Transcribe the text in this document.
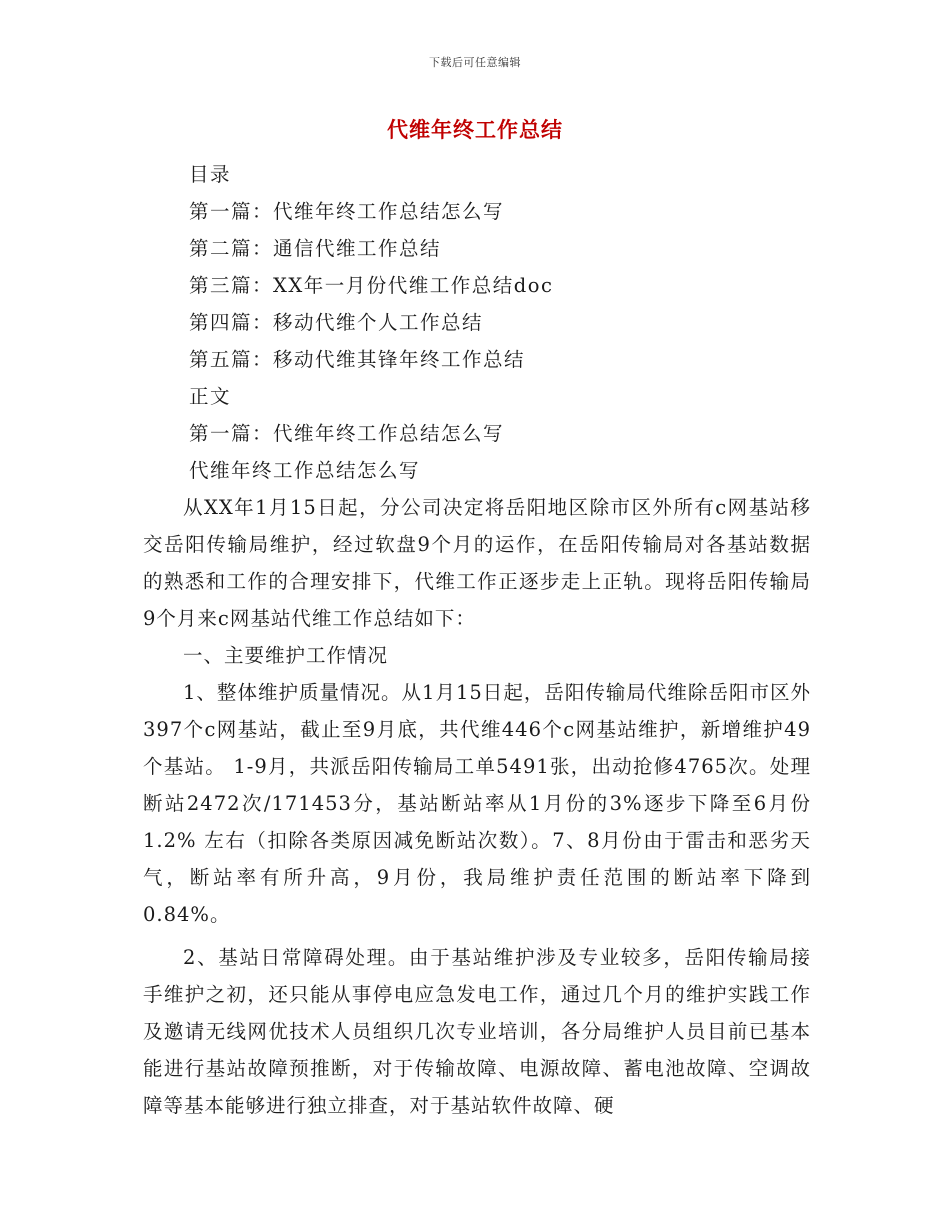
下载后可任意编辑
代维年终工作总结
目录
第一篇：代维年终工作总结怎么写
第二篇：通信代维工作总结
第三篇：XX年一月份代维工作总结doc
第四篇：移动代维个人工作总结
第五篇：移动代维其锋年终工作总结
正文
第一篇：代维年终工作总结怎么写
代维年终工作总结怎么写

从XX年1月15日起，分公司决定将岳阳地区除市区外所有c网基站移交岳阳传输局维护，经过软盘9个月的运作，在岳阳传输局对各基站数据的熟悉和工作的合理安排下，代维工作正逐步走上正轨。现将岳阳传输局9个月来c网基站代维工作总结如下：

一、主要维护工作情况

1、整体维护质量情况。从1月15日起，岳阳传输局代维除岳阳市区外397个c网基站，截止至9月底，共代维446个c网基站维护，新增维护49个基站。 1-9月，共派岳阳传输局工单5491张，出动抢修4765次。处理断站2472次/171453分，基站断站率从1月份的3%逐步下降至6月份1.2% 左右（扣除各类原因减免断站次数）。7、8月份由于雷击和恶劣天气，断站率有所升高，9月份，我局维护责任范围的断站率下降到0.84%。

2、基站日常障碍处理。由于基站维护涉及专业较多，岳阳传输局接手维护之初，还只能从事停电应急发电工作，通过几个月的维护实践工作及邀请无线网优技术人员组织几次专业培训，各分局维护人员目前已基本能进行基站故障预推断，对于传输故障、电源故障、蓄电池故障、空调故障等基本能够进行独立排查，对于基站软件故障、硬
